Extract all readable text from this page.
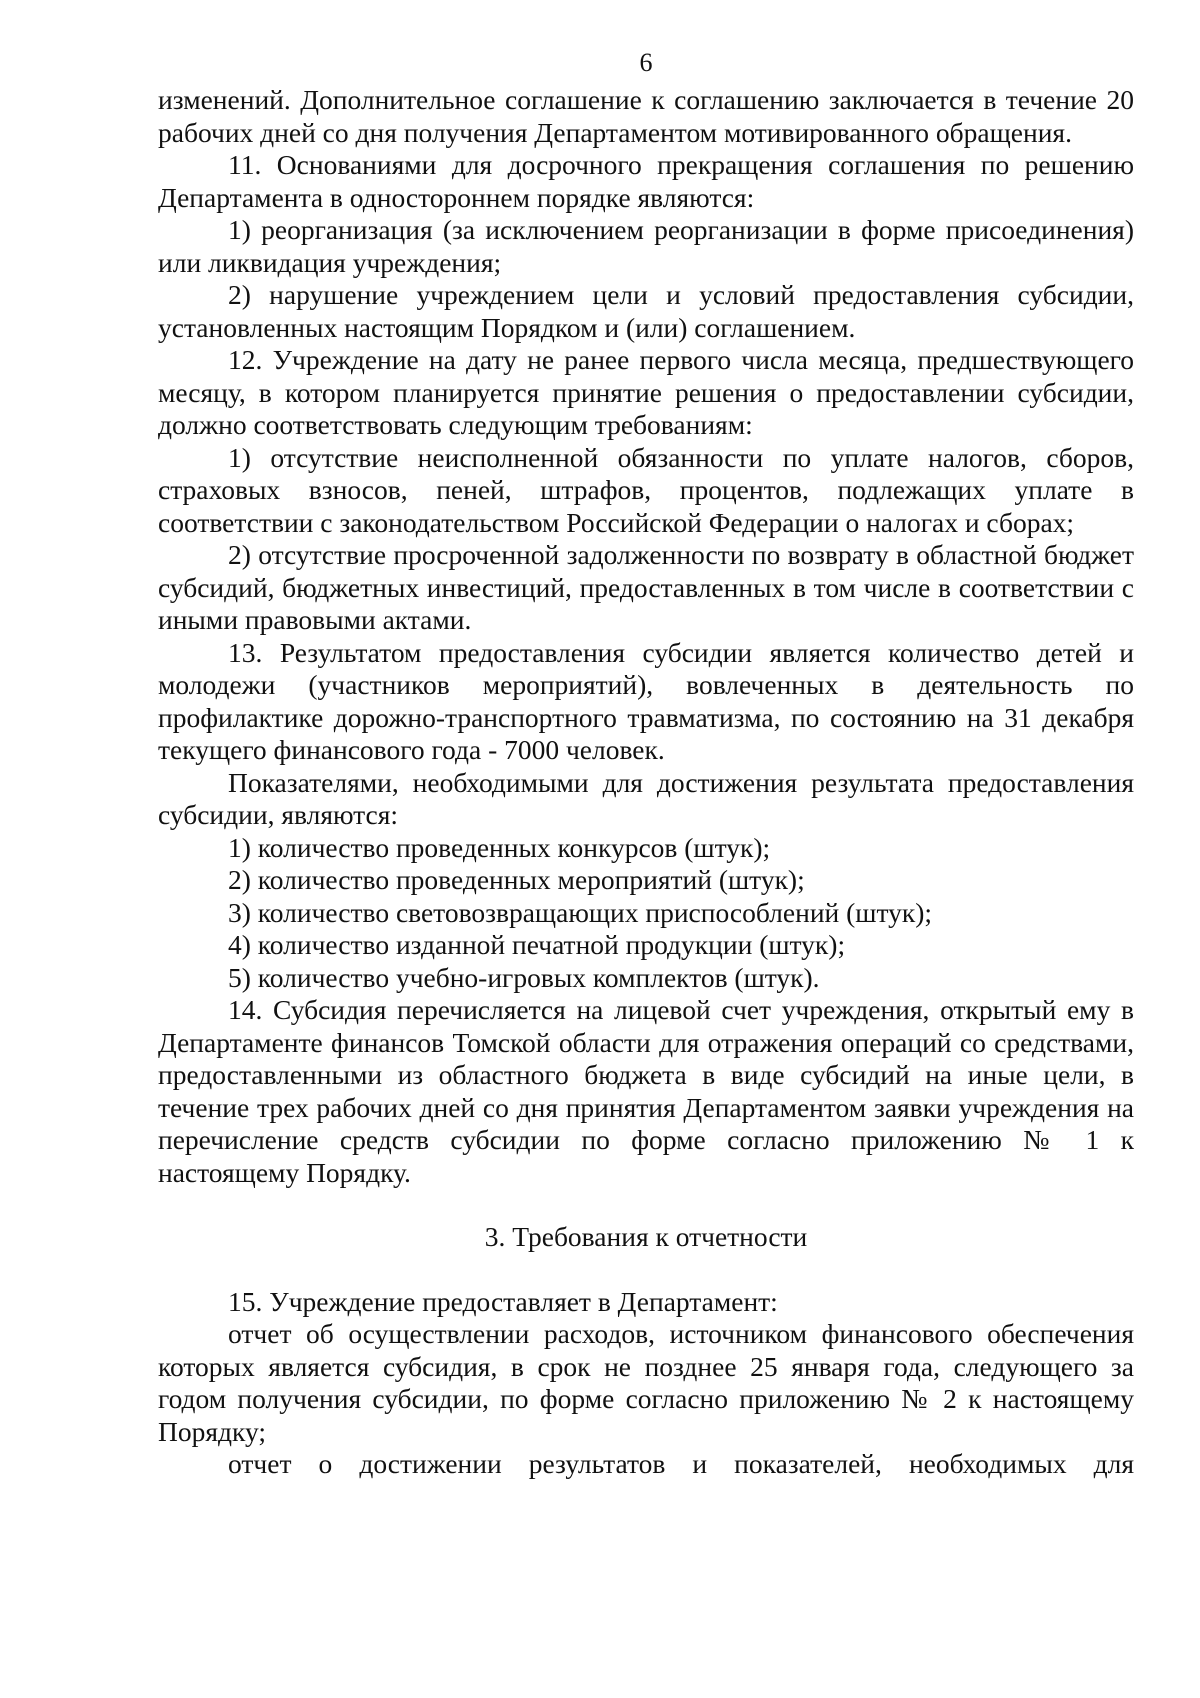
6

изменений. Дополнительное соглашение к соглашению заключается в течение 20 рабочих дней со дня получения Департаментом мотивированного обращения.

11. Основаниями для досрочного прекращения соглашения по решению Департамента в одностороннем порядке являются:

1) реорганизация (за исключением реорганизации в форме присоединения) или ликвидация учреждения;

2) нарушение учреждением цели и условий предоставления субсидии, установленных настоящим Порядком и (или) соглашением.

12. Учреждение на дату не ранее первого числа месяца, предшествующего месяцу, в котором планируется принятие решения о предоставлении субсидии, должно соответствовать следующим требованиям:

1) отсутствие неисполненной обязанности по уплате налогов, сборов, страховых взносов, пеней, штрафов, процентов, подлежащих уплате в соответствии с законодательством Российской Федерации о налогах и сборах;

2) отсутствие просроченной задолженности по возврату в областной бюджет субсидий, бюджетных инвестиций, предоставленных в том числе в соответствии с иными правовыми актами.

13. Результатом предоставления субсидии является количество детей и молодежи (участников мероприятий), вовлеченных в деятельность по профилактике дорожно-транспортного травматизма, по состоянию на 31 декабря текущего финансового года - 7000 человек.

Показателями, необходимыми для достижения результата предоставления субсидии, являются:

1) количество проведенных конкурсов (штук);

2) количество проведенных мероприятий (штук);

3) количество световозвращающих приспособлений (штук);

4) количество изданной печатной продукции (штук);

5) количество учебно-игровых комплектов (штук).

14. Субсидия перечисляется на лицевой счет учреждения, открытый ему в Департаменте финансов Томской области для отражения операций со средствами, предоставленными из областного бюджета в виде субсидий на иные цели, в течение трех рабочих дней со дня принятия Департаментом заявки учреждения на перечисление средств субсидии по форме согласно приложению № 1 к настоящему Порядку.

3. Требования к отчетности

15. Учреждение предоставляет в Департамент:

отчет об осуществлении расходов, источником финансового обеспечения которых является субсидия, в срок не позднее 25 января года, следующего за годом получения субсидии, по форме согласно приложению № 2 к настоящему Порядку;

отчет о достижении результатов и показателей, необходимых для
